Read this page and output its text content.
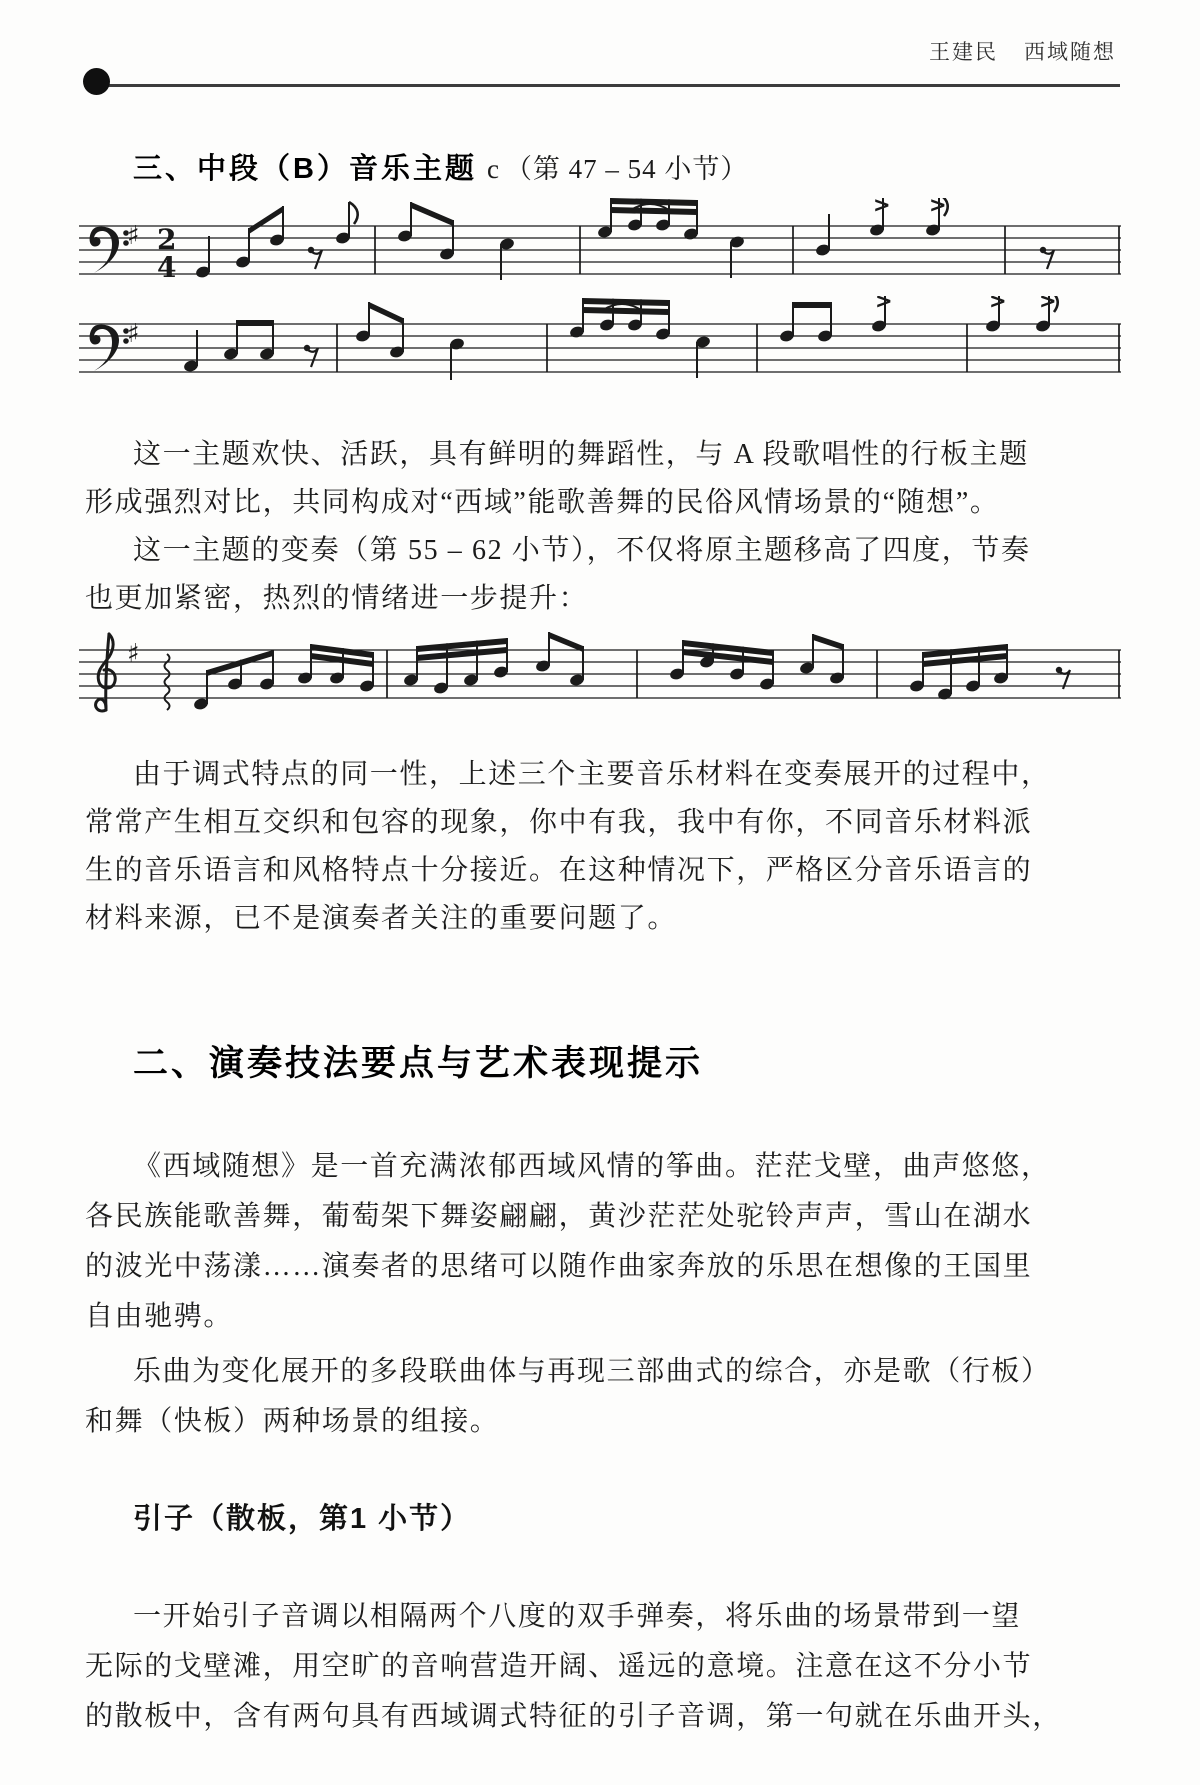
王建民 西域随想
三、中段（B）音乐主题 c （第 47 – 54 小节）
♯ 2
4
> >
♯
>	> >
这一主题欢快、活跃，具有鲜明的舞蹈性，与 A 段歌唱性的行板主题
形成强烈对比，共同构成对“西域”能歌善舞的民俗风情场景的“随想”。
这一主题的变奏（第 55 – 62 小节），不仅将原主题移高了四度，节奏
也更加紧密，热烈的情绪进一步提升：
♯
由于调式特点的同一性，上述三个主要音乐材料在变奏展开的过程中，
常常产生相互交织和包容的现象，你中有我，我中有你，不同音乐材料派
生的音乐语言和风格特点十分接近。在这种情况下，严格区分音乐语言的
材料来源，已不是演奏者关注的重要问题了。
二、演奏技法要点与艺术表现提示
《西域随想》是一首充满浓郁西域风情的筝曲。茫茫戈壁，曲声悠悠，
各民族能歌善舞，葡萄架下舞姿翩翩，黄沙茫茫处驼铃声声，雪山在湖水
的波光中荡漾……演奏者的思绪可以随作曲家奔放的乐思在想像的王国里
自由驰骋。
乐曲为变化展开的多段联曲体与再现三部曲式的综合，亦是歌（行板）
和舞（快板）两种场景的组接。
引子（散板，第1 小节）
一开始引子音调以相隔两个八度的双手弹奏，将乐曲的场景带到一望
无际的戈壁滩，用空旷的音响营造开阔、遥远的意境。注意在这不分小节
的散板中，含有两句具有西域调式特征的引子音调，第一句就在乐曲开头，
